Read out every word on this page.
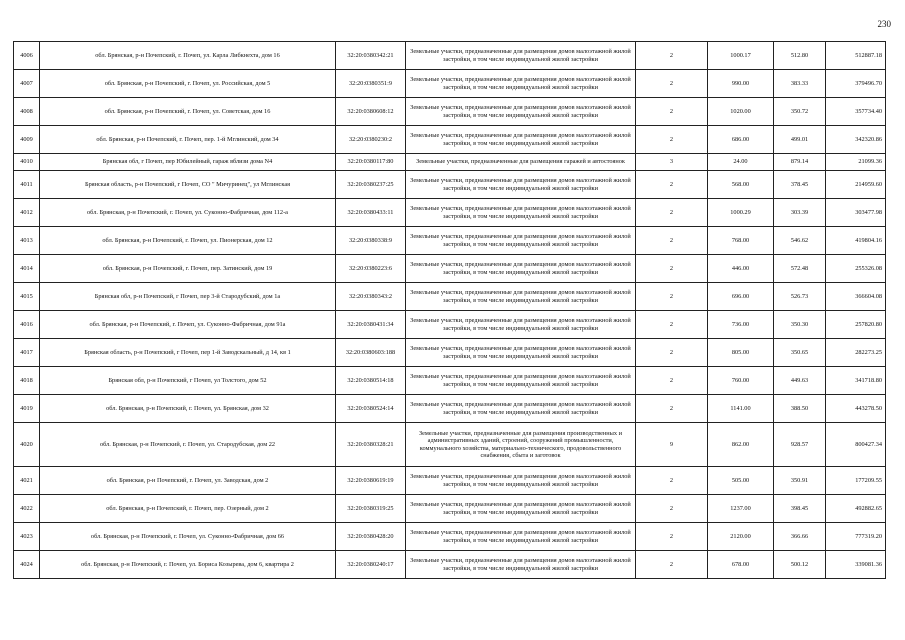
230
4006	обл. Брянская, р-н Почепский, г. Почеп, ул. Карла Либкнехта, дом 16	32:20:0380342:21	Земельные участки, предназначенные для размещения домов малоэтажной жилой застройки, в том числе индивидуальной жилой застройки	2	1000.17	512.80	512887.18
4007	обл. Брянская, р-н Почепский, г. Почеп, ул. Российская, дом 5	32:20:0380351:9	Земельные участки, предназначенные для размещения домов малоэтажной жилой застройки, в том числе индивидуальной жилой застройки	2	990.00	383.33	379496.70
4008	обл. Брянская, р-н Почепский, г. Почеп, ул. Советская, дом 16	32:20:0380608:12	Земельные участки, предназначенные для размещения домов малоэтажной жилой застройки, в том числе индивидуальной жилой застройки	2	1020.00	350.72	357734.40
4009	обл. Брянская, р-н Почепский, г. Почеп, пер. 1-й Мглинский, дом 34	32:20:0380230:2	Земельные участки, предназначенные для размещения домов малоэтажной жилой застройки, в том числе индивидуальной жилой застройки	2	686.00	499.01	342320.86
4010	Брянская обл, г Почеп, пер Юбилейный, гараж вблизи дома N4	32:20:0380117:80	Земельные участки, предназначенные для размещения гаражей и автостоянок	3	24.00	879.14	21099.36
4011	Брянская область, р-н Почепский, г Почеп, СО " Мичуринец", ул Мглинская	32:20:0380237:25	Земельные участки, предназначенные для размещения домов малоэтажной жилой застройки, в том числе индивидуальной жилой застройки	2	568.00	378.45	214959.60
4012	обл. Брянская, р-н Почепский, г. Почеп, ул. Суконно-Фабричная, дом 112-а	32:20:0380433:11	Земельные участки, предназначенные для размещения домов малоэтажной жилой застройки, в том числе индивидуальной жилой застройки	2	1000.29	303.39	303477.98
4013	обл. Брянская, р-н Почепский, г. Почеп, ул. Пионерская, дом 12	32:20:0380338:9	Земельные участки, предназначенные для размещения домов малоэтажной жилой застройки, в том числе индивидуальной жилой застройки	2	768.00	546.62	419804.16
4014	обл. Брянская, р-н Почепский, г. Почеп, пер. Затинский, дом 19	32:20:0380223:6	Земельные участки, предназначенные для размещения домов малоэтажной жилой застройки, в том числе индивидуальной жилой застройки	2	446.00	572.48	255326.08
4015	Брянская обл, р-н Почепский, г Почеп, пер 3-й Стародубский, дом 1а	32:20:0380343:2	Земельные участки, предназначенные для размещения домов малоэтажной жилой застройки, в том числе индивидуальной жилой застройки	2	696.00	526.73	366604.08
4016	обл. Брянская, р-н Почепский, г. Почеп, ул. Суконно-Фабричная, дом 91а	32:20:0380431:34	Земельные участки, предназначенные для размещения домов малоэтажной жилой застройки, в том числе индивидуальной жилой застройки	2	736.00	350.30	257820.80
4017	Брянская область, р-н Почепский, г Почеп, пер 1-й Заводскальный, д 14, кв 1	32:20:0380603:188	Земельные участки, предназначенные для размещения домов малоэтажной жилой застройки, в том числе индивидуальной жилой застройки	2	805.00	350.65	282273.25
4018	Брянская обл, р-н Почепский, г Почеп, ул Толстого, дом 52	32:20:0380514:18	Земельные участки, предназначенные для размещения домов малоэтажной жилой застройки, в том числе индивидуальной жилой застройки	2	760.00	449.63	341718.80
4019	обл. Брянская, р-н Почепский, г. Почеп, ул. Брянская, дом 32	32:20:0380524:14	Земельные участки, предназначенные для размещения домов малоэтажной жилой застройки, в том числе индивидуальной жилой застройки	2	1141.00	388.50	443278.50
4020	обл. Брянская, р-н Почепский, г. Почеп, ул. Стародубская, дом 22	32:20:0380328:21	Земельные участки, предназначенные для размещения производственных и административных зданий, строений, сооружений промышленности, коммунального хозяйства, материально-технического, продовольственного снабжения, сбыта и заготовок	9	862.00	928.57	800427.34
4021	обл. Брянская, р-н Почепский, г. Почеп, ул. Заводская, дом 2	32:20:0380619:19	Земельные участки, предназначенные для размещения домов малоэтажной жилой застройки, в том числе индивидуальной жилой застройки	2	505.00	350.91	177209.55
4022	обл. Брянская, р-н Почепский, г. Почеп, пер. Озерный, дом 2	32:20:0380319:25	Земельные участки, предназначенные для размещения домов малоэтажной жилой застройки, в том числе индивидуальной жилой застройки	2	1237.00	398.45	492882.65
4023	обл. Брянская, р-н Почепский, г. Почеп, ул. Суконно-Фабричная, дом 66	32:20:0380428:20	Земельные участки, предназначенные для размещения домов малоэтажной жилой застройки, в том числе индивидуальной жилой застройки	2	2120.00	366.66	777319.20
4024	обл. Брянская, р-н Почепский, г. Почеп, ул. Бориса Козырева, дом 6, квартира 2	32:20:0380240:17	Земельные участки, предназначенные для размещения домов малоэтажной жилой застройки, в том числе индивидуальной жилой застройки	2	678.00	500.12	339081.36
